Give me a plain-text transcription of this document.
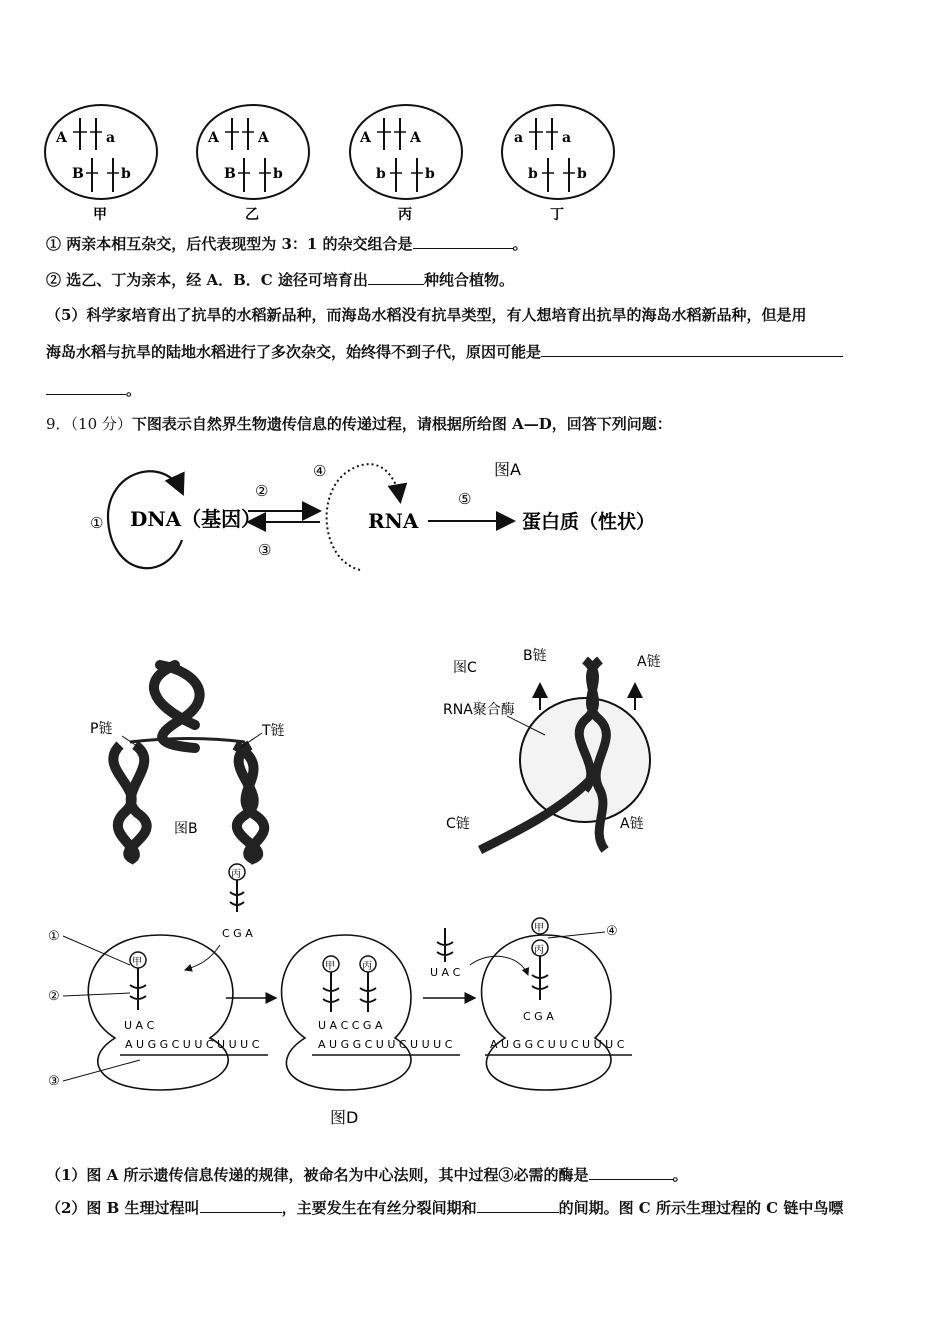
A	a
B	b
甲
A	A
B	b
乙
A	A
b	b
丙
a	a
b	b
丁
① 两亲本相互杂交，后代表现型为 3：1 的杂交组合是	。
② 选乙、丁为亲本，经 A．B．C 途径可培育出	种纯合植物。
（5）科学家培育出了抗旱的水稻新品种，而海岛水稻没有抗旱类型，有人想培育出抗旱的海岛水稻新品种，但是用
海岛水稻与抗旱的陆地水稻进行了多次杂交，始终得不到子代，原因可能是
。
9．（10 分）下图表示自然界生物遗传信息的传递过程，请根据所给图 A—D，回答下列问题：
图A
① DNA（基因）
②
③
④
RNA
⑤
蛋白质（性状）
P链	T链
图B
图C
B链	A链
RNA聚合酶
C链	A链
丙
C G A
甲
U A C
A U G G C U U C U U U C
①
②
③
甲	丙
U A C C G A
A U G G C U U C U U U C
U A C
甲
丙
C G A
A U G G C U U C U U U C
④
图D
（1）图 A 所示遗传信息传递的规律，被命名为中心法则，其中过程③必需的酶是	。
（2）图 B 生理过程叫	，主要发生在有丝分裂间期和	的间期。图 C 所示生理过程的 C 链中鸟嘌
